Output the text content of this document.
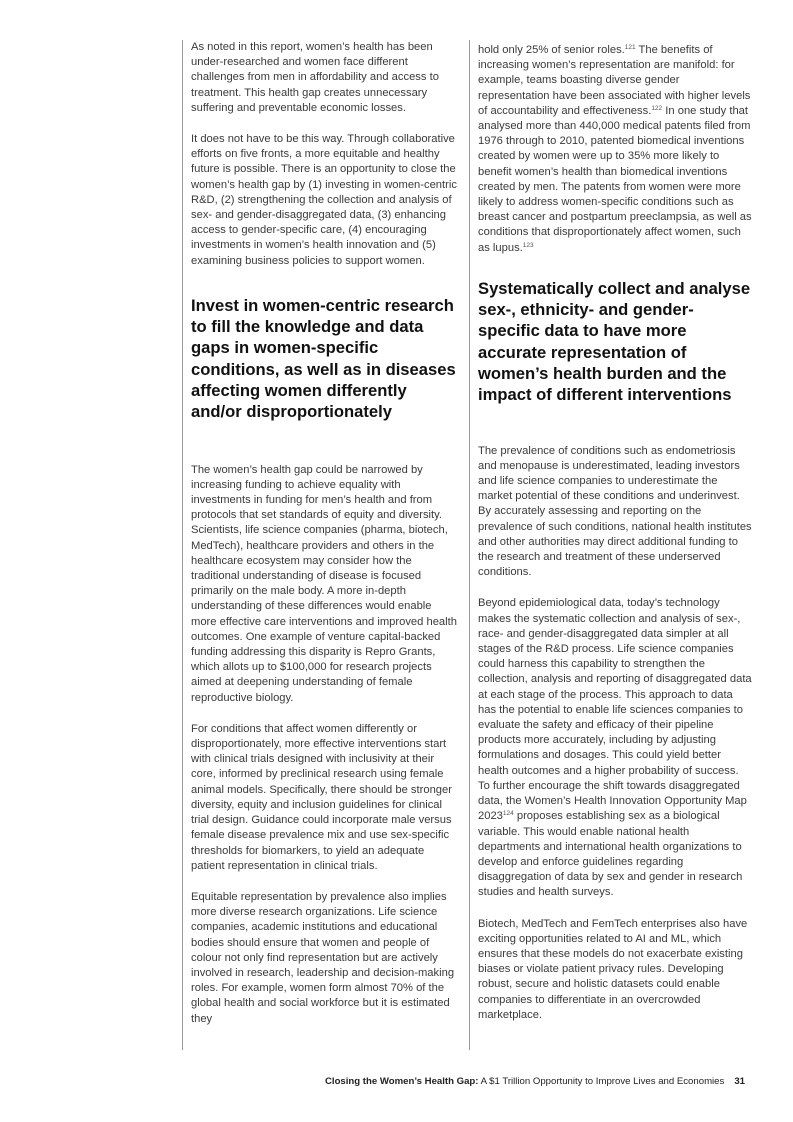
As noted in this report, women’s health has been under-researched and women face different challenges from men in affordability and access to treatment. This health gap creates unnecessary suffering and preventable economic losses.

It does not have to be this way. Through collaborative efforts on five fronts, a more equitable and healthy future is possible. There is an opportunity to close the women’s health gap by (1) investing in women-centric R&D, (2) strengthening the collection and analysis of sex- and gender-disaggregated data, (3) enhancing access to gender-specific care, (4) encouraging investments in women’s health innovation and (5) examining business policies to support women.

Invest in women-centric research to fill the knowledge and data gaps in women-specific conditions, as well as in diseases affecting women differently and/or disproportionately

The women’s health gap could be narrowed by increasing funding to achieve equality with investments in funding for men’s health and from protocols that set standards of equity and diversity. Scientists, life science companies (pharma, biotech, MedTech), healthcare providers and others in the healthcare ecosystem may consider how the traditional understanding of disease is focused primarily on the male body. A more in-depth understanding of these differences would enable more effective care interventions and improved health outcomes. One example of venture capital-backed funding addressing this disparity is Repro Grants, which allots up to $100,000 for research projects aimed at deepening understanding of female reproductive biology.

For conditions that affect women differently or disproportionately, more effective interventions start with clinical trials designed with inclusivity at their core, informed by preclinical research using female animal models. Specifically, there should be stronger diversity, equity and inclusion guidelines for clinical trial design. Guidance could incorporate male versus female disease prevalence mix and use sex-specific thresholds for biomarkers, to yield an adequate patient representation in clinical trials.

Equitable representation by prevalence also implies more diverse research organizations. Life science companies, academic institutions and educational bodies should ensure that women and people of colour not only find representation but are actively involved in research, leadership and decision-making roles. For example, women form almost 70% of the global health and social workforce but it is estimated they

hold only 25% of senior roles.$^{121}$ The benefits of increasing women’s representation are manifold: for example, teams boasting diverse gender representation have been associated with higher levels of accountability and effectiveness.$^{122}$ In one study that analysed more than 440,000 medical patents filed from 1976 through to 2010, patented biomedical inventions created by women were up to 35% more likely to benefit women’s health than biomedical inventions created by men. The patents from women were more likely to address women-specific conditions such as breast cancer and postpartum preeclampsia, as well as conditions that disproportionately affect women, such as lupus.$^{123}$

Systematically collect and analyse sex-, ethnicity- and gender-specific data to have more accurate representation of women’s health burden and the impact of different interventions

The prevalence of conditions such as endometriosis and menopause is underestimated, leading investors and life science companies to underestimate the market potential of these conditions and underinvest. By accurately assessing and reporting on the prevalence of such conditions, national health institutes and other authorities may direct additional funding to the research and treatment of these underserved conditions.

Beyond epidemiological data, today’s technology makes the systematic collection and analysis of sex-, race- and gender-disaggregated data simpler at all stages of the R&D process. Life science companies could harness this capability to strengthen the collection, analysis and reporting of disaggregated data at each stage of the process. This approach to data has the potential to enable life sciences companies to evaluate the safety and efficacy of their pipeline products more accurately, including by adjusting formulations and dosages. This could yield better health outcomes and a higher probability of success. To further encourage the shift towards disaggregated data, the Women’s Health Innovation Opportunity Map 2023$^{124}$ proposes establishing sex as a biological variable. This would enable national health departments and international health organizations to develop and enforce guidelines regarding disaggregation of data by sex and gender in research studies and health surveys.

Biotech, MedTech and FemTech enterprises also have exciting opportunities related to AI and ML, which ensures that these models do not exacerbate existing biases or violate patient privacy rules. Developing robust, secure and holistic datasets could enable companies to differentiate in an overcrowded marketplace.

Closing the Women’s Health Gap: A $1 Trillion Opportunity to Improve Lives and Economies 31
